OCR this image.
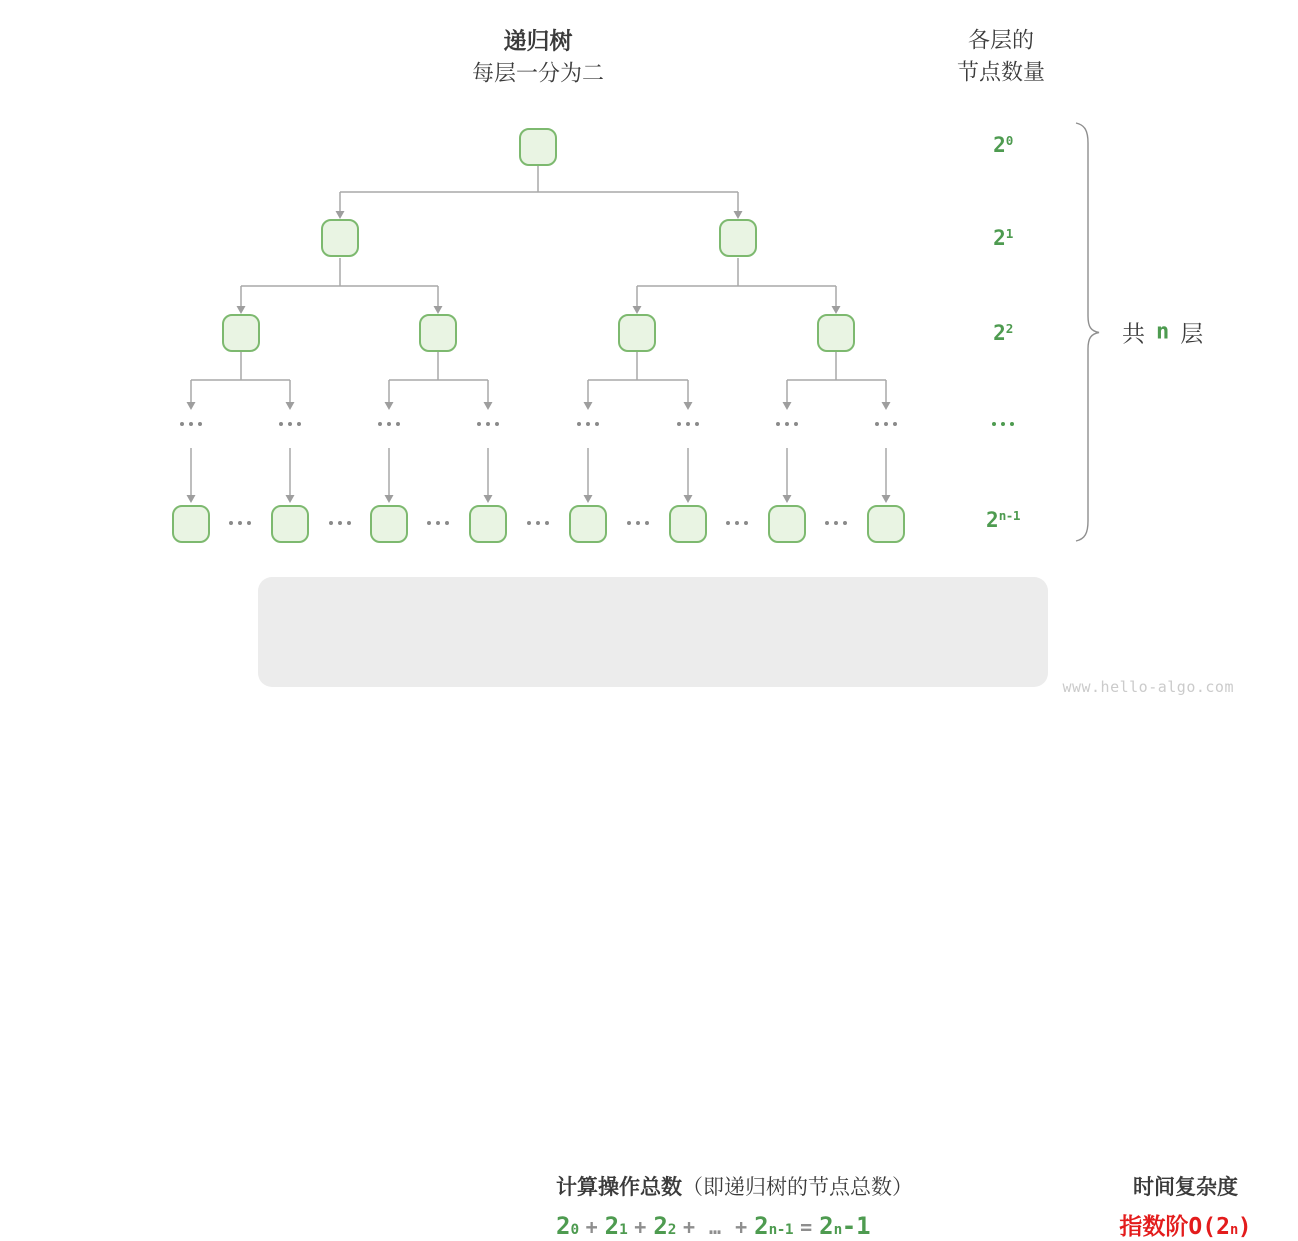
递归树
每层一分为二
各层的
节点数量
$2^0$
$2^1$
$2^2$
2$^{n-1}$
共 n 层
计算操作总数（即递归树的节点总数）
2 0 + 2 1 + 2 2 + … + 2 n-1 = 2 n -1
时间复杂度
指数阶 O( 2 n )
www.hello-algo.com
